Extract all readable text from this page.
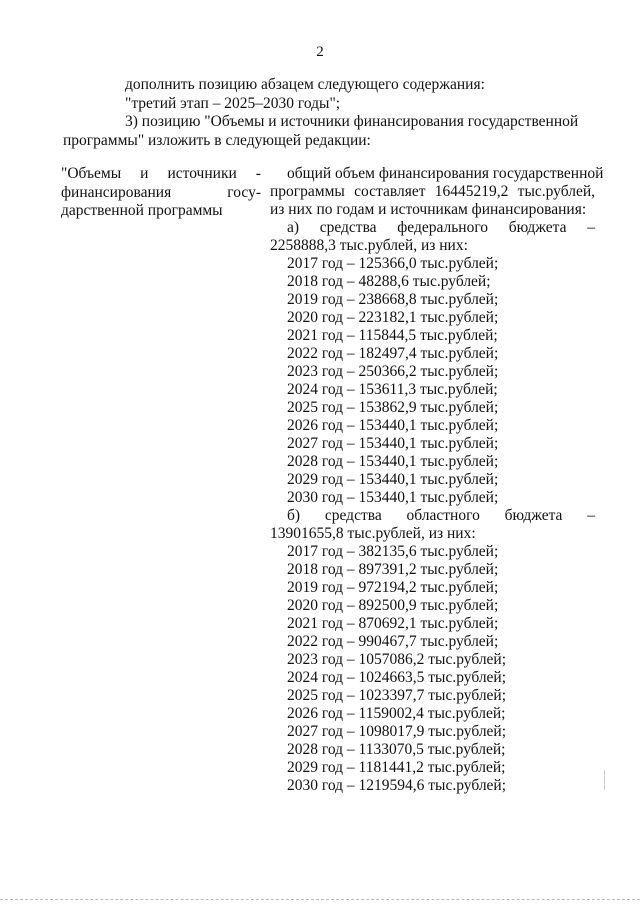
2
дополнить позицию абзацем следующего содержания:
"третий этап – 2025–2030 годы";
3) позицию "Объемы и источники финансирования государственной
программы" изложить в следующей редакции:
"Объемы и источники -
финансирования	госу-
дарственной программы
общий объем финансирования государственной
программы составляет 16445219,2 тыс.рублей,
из них по годам и источникам финансирования:
а) средства федерального бюджета –
2258888,3 тыс.рублей, из них:
2017 год – 125366,0 тыс.рублей;
2018 год – 48288,6 тыс.рублей;
2019 год – 238668,8 тыс.рублей;
2020 год – 223182,1 тыс.рублей;
2021 год – 115844,5 тыс.рублей;
2022 год – 182497,4 тыс.рублей;
2023 год – 250366,2 тыс.рублей;
2024 год – 153611,3 тыс.рублей;
2025 год – 153862,9 тыс.рублей;
2026 год – 153440,1 тыс.рублей;
2027 год – 153440,1 тыс.рублей;
2028 год – 153440,1 тыс.рублей;
2029 год – 153440,1 тыс.рублей;
2030 год – 153440,1 тыс.рублей;
б) средства областного бюджета –
13901655,8 тыс.рублей, из них:
2017 год – 382135,6 тыс.рублей;
2018 год – 897391,2 тыс.рублей;
2019 год – 972194,2 тыс.рублей;
2020 год – 892500,9 тыс.рублей;
2021 год – 870692,1 тыс.рублей;
2022 год – 990467,7 тыс.рублей;
2023 год – 1057086,2 тыс.рублей;
2024 год – 1024663,5 тыс.рублей;
2025 год – 1023397,7 тыс.рублей;
2026 год – 1159002,4 тыс.рублей;
2027 год – 1098017,9 тыс.рублей;
2028 год – 1133070,5 тыс.рублей;
2029 год – 1181441,2 тыс.рублей;
2030 год – 1219594,6 тыс.рублей;
